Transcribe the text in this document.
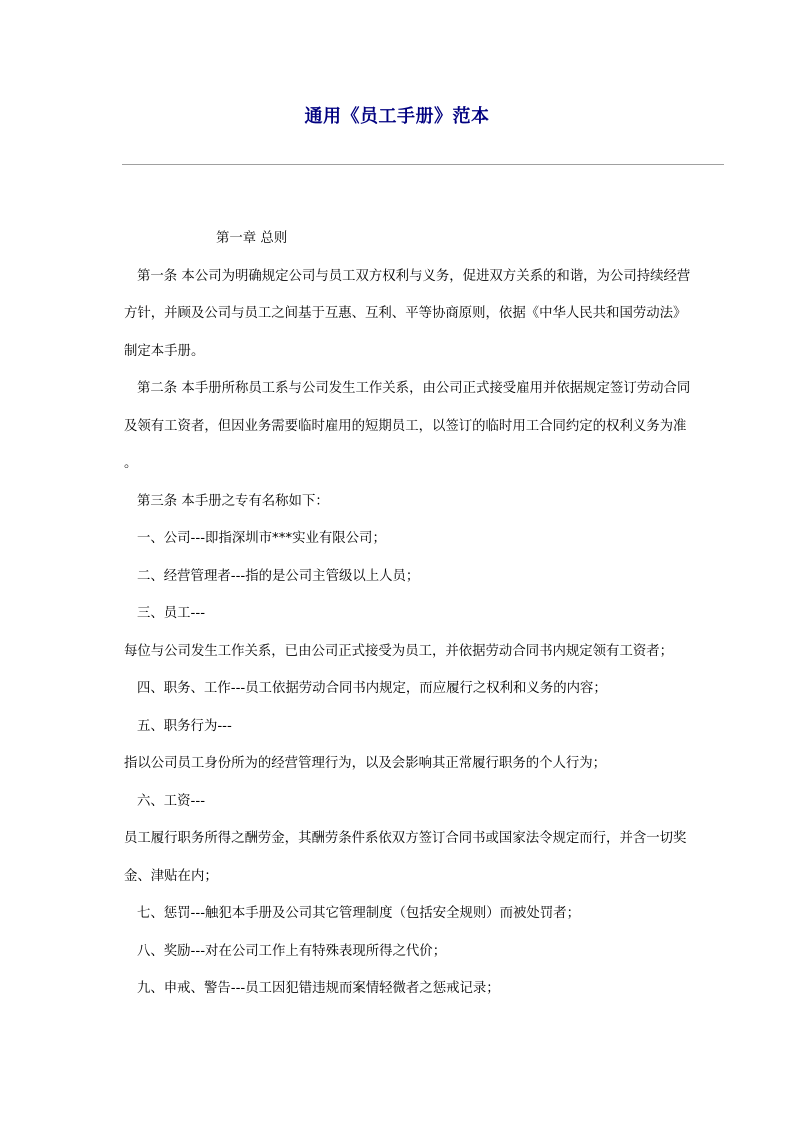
通用《员工手册》范本

第一章 总则

第一条 本公司为明确规定公司与员工双方权利与义务，促进双方关系的和谐，为公司持续经营

方针，并顾及公司与员工之间基于互惠、互利、平等协商原则，依据《中华人民共和国劳动法》

制定本手册。

第二条 本手册所称员工系与公司发生工作关系，由公司正式接受雇用并依据规定签订劳动合同

及领有工资者，但因业务需要临时雇用的短期员工，以签订的临时用工合同约定的权利义务为准

。

第三条 本手册之专有名称如下：

一、公司---即指深圳市***实业有限公司；

二、经营管理者---指的是公司主管级以上人员；

三、员工---

每位与公司发生工作关系，已由公司正式接受为员工，并依据劳动合同书内规定领有工资者；

四、职务、工作---员工依据劳动合同书内规定，而应履行之权利和义务的内容；

五、职务行为---

指以公司员工身份所为的经营管理行为，以及会影响其正常履行职务的个人行为；

六、工资---

员工履行职务所得之酬劳金，其酬劳条件系依双方签订合同书或国家法令规定而行，并含一切奖

金、津贴在内；

七、惩罚---触犯本手册及公司其它管理制度（包括安全规则）而被处罚者；

八、奖励---对在公司工作上有特殊表现所得之代价；

九、申戒、警告---员工因犯错违规而案情轻微者之惩戒记录；
